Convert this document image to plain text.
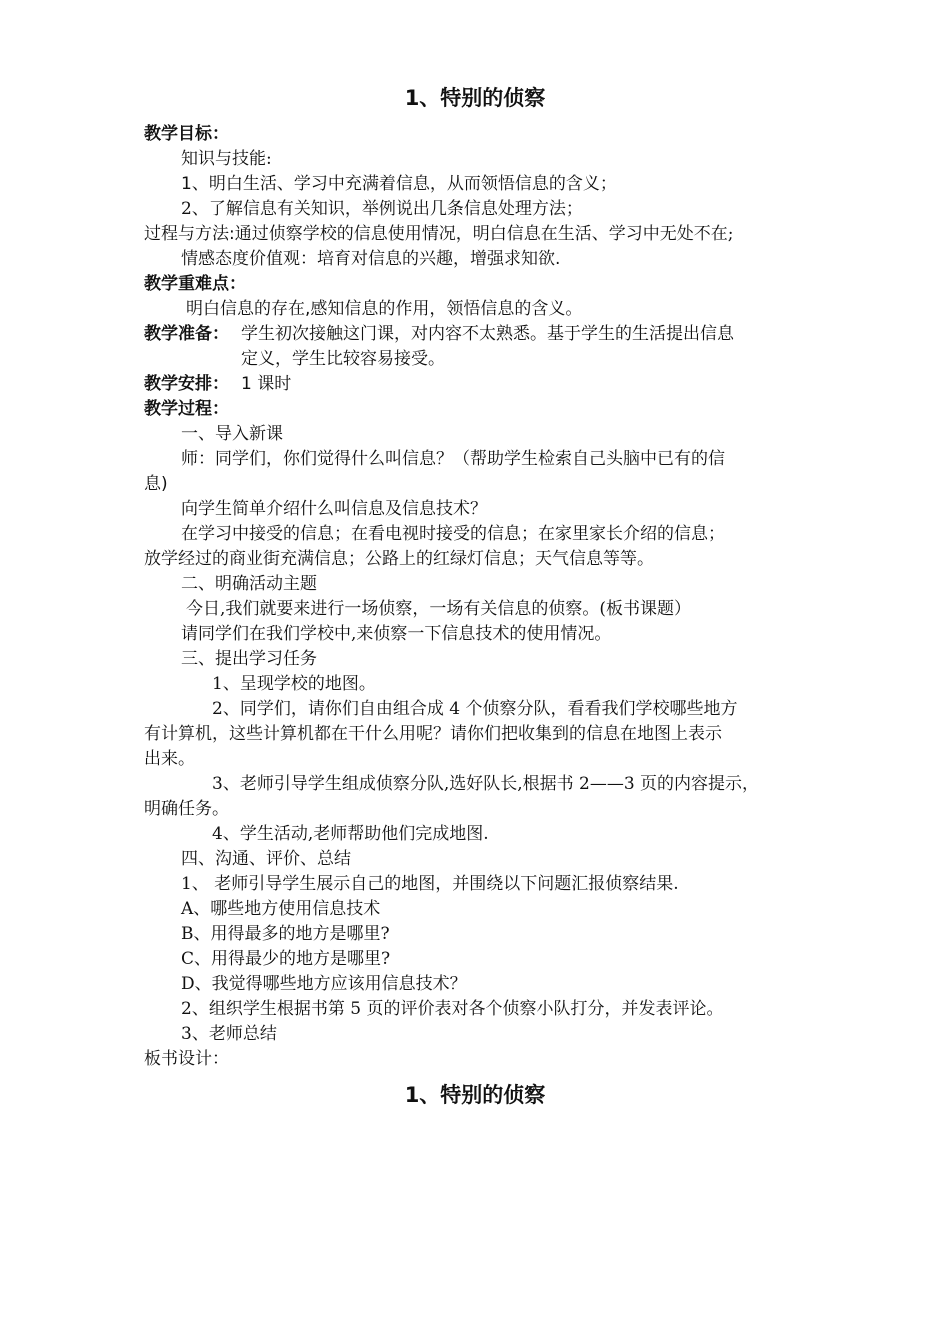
1、特别的侦察
教学目标：
知识与技能:
1、明白生活、学习中充满着信息，从而领悟信息的含义；
2、了解信息有关知识，举例说出几条信息处理方法；
过程与方法:通过侦察学校的信息使用情况，明白信息在生活、学习中无处不在;
情感态度价值观：培育对信息的兴趣，增强求知欲.
教学重难点：
明白信息的存在,感知信息的作用，领悟信息的含义。
教学准备： 学生初次接触这门课，对内容不太熟悉。基于学生的生活提出信息
定义，学生比较容易接受。
教学安排： 1 课时
教学过程：
一、导入新课
师：同学们，你们觉得什么叫信息？（帮助学生检索自己头脑中已有的信
息)
向学生简单介绍什么叫信息及信息技术？
在学习中接受的信息；在看电视时接受的信息；在家里家长介绍的信息；
放学经过的商业街充满信息；公路上的红绿灯信息；天气信息等等。
二、明确活动主题
今日,我们就要来进行一场侦察，一场有关信息的侦察。(板书课题）
请同学们在我们学校中,来侦察一下信息技术的使用情况。
三、提出学习任务
1、呈现学校的地图。
2、同学们，请你们自由组合成 4 个侦察分队，看看我们学校哪些地方
有计算机，这些计算机都在干什么用呢？请你们把收集到的信息在地图上表示
出来。
3、老师引导学生组成侦察分队,选好队长,根据书 2——3 页的内容提示，
明确任务。
4、学生活动,老师帮助他们完成地图.
四、沟通、评价、总结
1、 老师引导学生展示自己的地图，并围绕以下问题汇报侦察结果.
A、哪些地方使用信息技术
B、用得最多的地方是哪里?
C、用得最少的地方是哪里?
D、我觉得哪些地方应该用信息技术？
2、组织学生根据书第 5 页的评价表对各个侦察小队打分，并发表评论。
3、老师总结
板书设计：
1、特别的侦察
